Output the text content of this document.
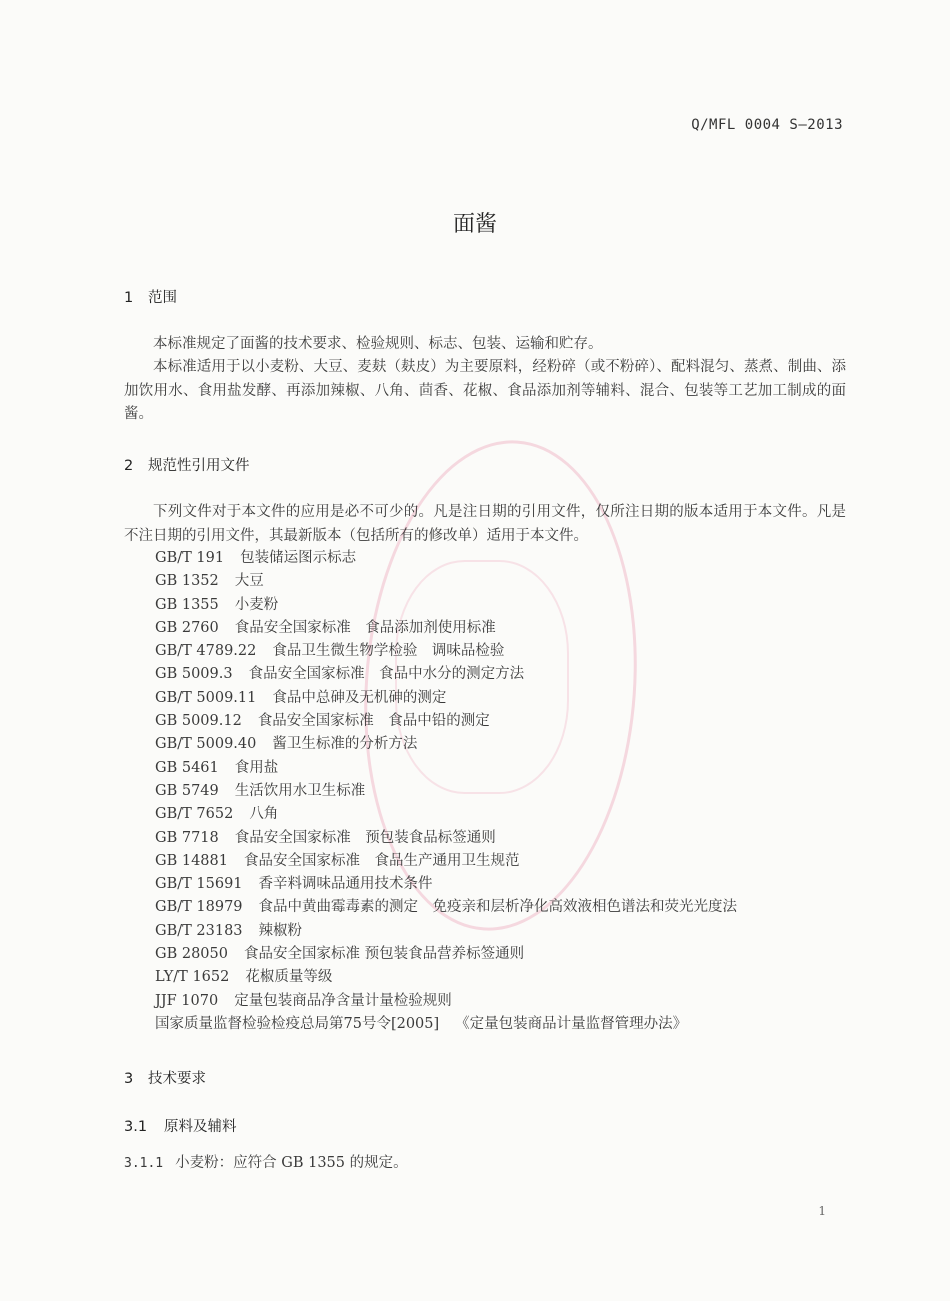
Q/MFL 0004 S—2013
面酱
1 范围

本标准规定了面酱的技术要求、检验规则、标志、包装、运输和贮存。

本标准适用于以小麦粉、大豆、麦麸（麸皮）为主要原料，经粉碎（或不粉碎）、配料混匀、蒸煮、制曲、添加饮用水、食用盐发酵、再添加辣椒、八角、茴香、花椒、食品添加剂等辅料、混合、包装等工艺加工制成的面酱。

2 规范性引用文件

下列文件对于本文件的应用是必不可少的。凡是注日期的引用文件，仅所注日期的版本适用于本文件。凡是不注日期的引用文件，其最新版本（包括所有的修改单）适用于本文件。

GB/T 191 包装储运图示标志
GB 1352 大豆
GB 1355 小麦粉
GB 2760 食品安全国家标准　食品添加剂使用标准
GB/T 4789.22 食品卫生微生物学检验　调味品检验
GB 5009.3 食品安全国家标准　食品中水分的测定方法
GB/T 5009.11 食品中总砷及无机砷的测定
GB 5009.12 食品安全国家标准　食品中铅的测定
GB/T 5009.40 酱卫生标准的分析方法
GB 5461 食用盐
GB 5749 生活饮用水卫生标准
GB/T 7652 八角
GB 7718 食品安全国家标准　预包装食品标签通则
GB 14881 食品安全国家标准　食品生产通用卫生规范
GB/T 15691 香辛料调味品通用技术条件
GB/T 18979 食品中黄曲霉毒素的测定　免疫亲和层析净化高效液相色谱法和荧光光度法
GB/T 23183 辣椒粉
GB 28050 食品安全国家标准 预包装食品营养标签通则
LY/T 1652 花椒质量等级
JJF 1070 定量包装商品净含量计量检验规则
国家质量监督检验检疫总局第75号令[2005] 《定量包装商品计量监督管理办法》
3 技术要求
3.1 原料及辅料
3.1.1 小麦粉：应符合 GB 1355 的规定。
1
